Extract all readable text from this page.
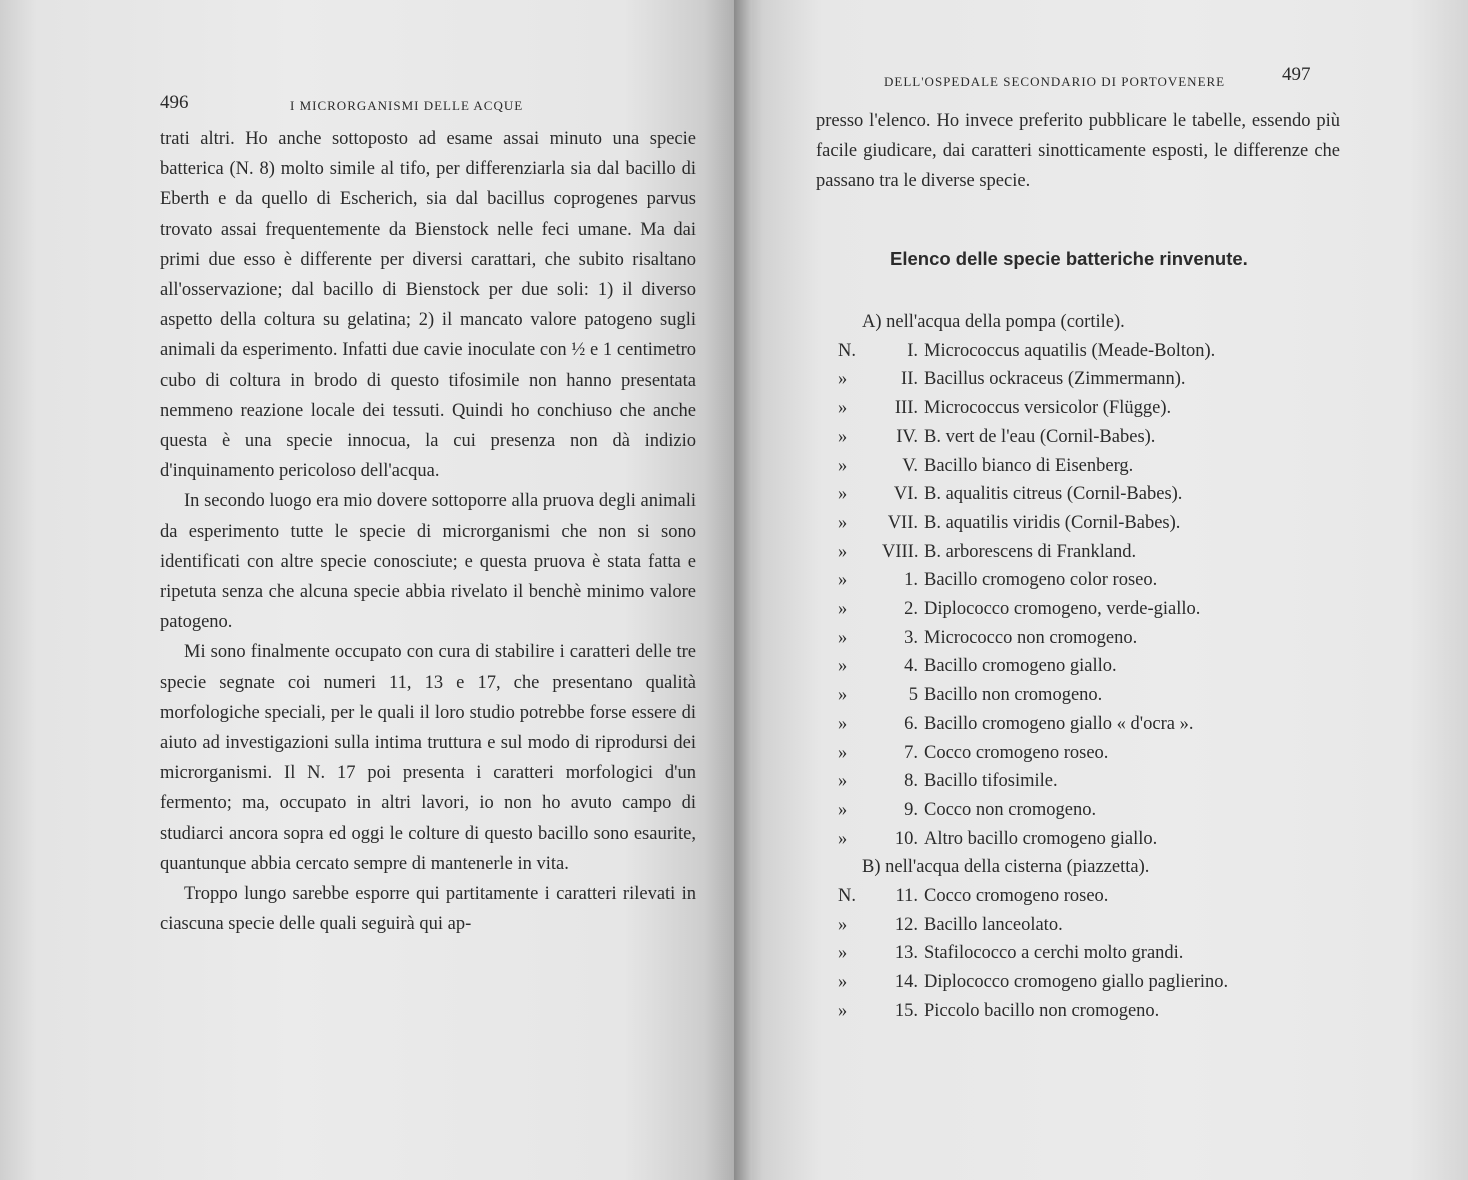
496	I MICRORGANISMI DELLE ACQUE

trati altri. Ho anche sottoposto ad esame assai minuto una specie batterica (N. 8) molto simile al tifo, per differenziarla sia dal bacillo di Eberth e da quello di Escherich, sia dal bacillus coprogenes parvus trovato assai frequentemente da Bienstock nelle feci umane. Ma dai primi due esso è differente per diversi carattari, che subito risaltano all'osservazione; dal bacillo di Bienstock per due soli: 1) il diverso aspetto della coltura su gelatina; 2) il mancato valore patogeno sugli animali da esperimento. Infatti due cavie inoculate con ½ e 1 centimetro cubo di coltura in brodo di questo tifosimile non hanno presentata nemmeno reazione locale dei tessuti. Quindi ho conchiuso che anche questa è una specie innocua, la cui presenza non dà indizio d'inquinamento pericoloso dell'acqua.

In secondo luogo era mio dovere sottoporre alla pruova degli animali da esperimento tutte le specie di microrganismi che non si sono identificati con altre specie conosciute; e questa pruova è stata fatta e ripetuta senza che alcuna specie abbia rivelato il benchè minimo valore patogeno.

Mi sono finalmente occupato con cura di stabilire i caratteri delle tre specie segnate coi numeri 11, 13 e 17, che presentano qualità morfologiche speciali, per le quali il loro studio potrebbe forse essere di aiuto ad investigazioni sulla intima truttura e sul modo di riprodursi dei microrganismi. Il N. 17 poi presenta i caratteri morfologici d'un fermento; ma, occupato in altri lavori, io non ho avuto campo di studiarci ancora sopra ed oggi le colture di questo bacillo sono esaurite, quantunque abbia cercato sempre di mantenerle in vita.

Troppo lungo sarebbe esporre qui partitamente i caratteri rilevati in ciascuna specie delle quali seguirà qui ap-

DELL'OSPEDALE SECONDARIO DI PORTOVENERE	497

presso l'elenco. Ho invece preferito pubblicare le tabelle, essendo più facile giudicare, dai caratteri sinotticamente esposti, le differenze che passano tra le diverse specie.

Elenco delle specie batteriche rinvenute.
A) nell'acqua della pompa (cortile).
N.	I. Micrococcus aquatilis (Meade-Bolton).
»	II. Bacillus ockraceus (Zimmermann).
»	III. Micrococcus versicolor (Flügge).
»	IV. B. vert de l'eau (Cornil-Babes).
»	V. Bacillo bianco di Eisenberg.
»	VI. B. aqualitis citreus (Cornil-Babes).
»	VII. B. aquatilis viridis (Cornil-Babes).
»	VIII. B. arborescens di Frankland.
»	1. Bacillo cromogeno color roseo.
»	2. Diplococco cromogeno, verde-giallo.
»	3. Micrococco non cromogeno.
»	4. Bacillo cromogeno giallo.
»	5 Bacillo non cromogeno.
»	6. Bacillo cromogeno giallo « d'ocra ».
»	7. Cocco cromogeno roseo.
»	8. Bacillo tifosimile.
»	9. Cocco non cromogeno.
»	10. Altro bacillo cromogeno giallo.
B) nell'acqua della cisterna (piazzetta).
N.	11. Cocco cromogeno roseo.
»	12. Bacillo lanceolato.
»	13. Stafilococco a cerchi molto grandi.
»	14. Diplococco cromogeno giallo paglierino.
»	15. Piccolo bacillo non cromogeno.
